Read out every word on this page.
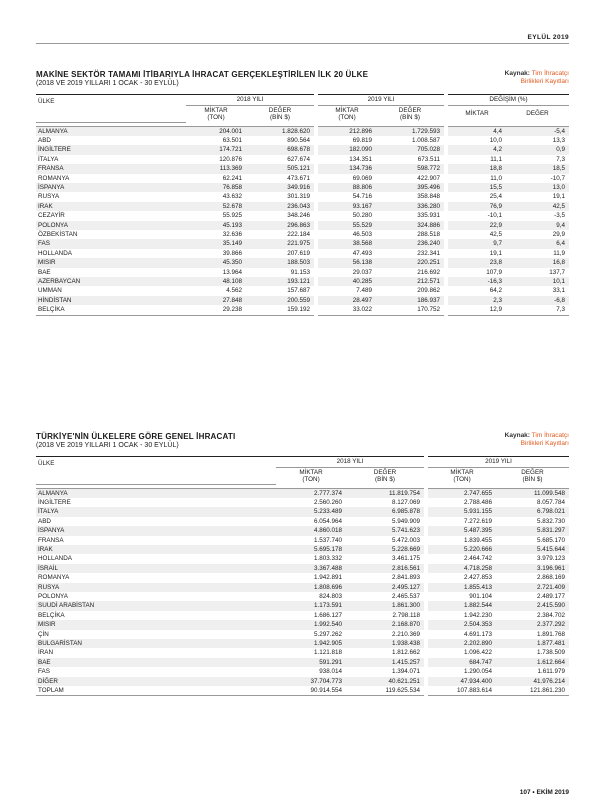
EYLÜL 2019
MAKİNE SEKTÖR TAMAMI İTİBARIYLA İHRACAT GERÇEKLEŞTİRİLEN İLK 20 ÜLKE
(2018 VE 2019 YILLARI 1 OCAK - 30 EYLÜL)
Kaynak: Tim İhracatçı
Birlikleri Kayıtları
ÜLKE	2018 YILI		2019 YILI		DEĞİŞİM (%)	
	MİKTAR
(TON)	DEĞER
(BİN $)	MİKTAR
(TON)	DEĞER
(BİN $)	MİKTAR	DEĞER

ALMANYA	204.001	1.828.620	212.896	1.729.593	4,4	-5,4
ABD	63.501	890.564	69.819	1.008.587	10,0	13,3
İNGİLTERE	174.721	698.678	182.090	705.028	4,2	0,9
İTALYA	120.876	627.674	134.351	673.511	11,1	7,3
FRANSA	113.369	505.121	134.736	598.772	18,8	18,5
ROMANYA	62.241	473.671	69.069	422.907	11,0	-10,7
İSPANYA	76.858	349.916	88.806	395.496	15,5	13,0
RUSYA	43.632	301.319	54.716	358.848	25,4	19,1
IRAK	52.678	236.043	93.167	336.280	76,9	42,5
CEZAYİR	55.925	348.246	50.280	335.931	-10,1	-3,5
POLONYA	45.193	296.863	55.529	324.886	22,9	9,4
ÖZBEKİSTAN	32.636	222.184	46.503	288.518	42,5	29,9
FAS	35.149	221.975	38.568	236.240	9,7	6,4
HOLLANDA	39.866	207.619	47.493	232.341	19,1	11,9
MISIR	45.350	188.503	56.138	220.251	23,8	16,8
BAE	13.964	91.153	29.037	216.692	107,9	137,7
AZERBAYCAN	48.108	193.121	40.285	212.571	-16,3	10,1
UMMAN	4.562	157.687	7.489	209.862	64,2	33,1
HİNDİSTAN	27.848	200.559	28.497	186.937	2,3	-6,8
BELÇİKA	29.238	159.192	33.022	170.752	12,9	7,3
TÜRKİYE'NİN ÜLKELERE GÖRE GENEL İHRACATI
(2018 VE 2019 YILLARI 1 OCAK - 30 EYLÜL)
Kaynak: Tim İhracatçı
Birlikleri Kayıtları
ÜLKE	2018 YILI		2019 YILI	
	MİKTAR
(TON)	DEĞER
(BİN $)	MİKTAR
(TON)	DEĞER
(BİN $)

ALMANYA	2.777.374	11.819.754	2.747.655	11.099.548
İNGİLTERE	2.560.260	8.127.069	2.788.486	8.057.784
İTALYA	5.233.489	6.985.878	5.931.155	6.798.021
ABD	6.054.964	5.949.909	7.272.619	5.832.730
İSPANYA	4.860.018	5.741.623	5.487.395	5.831.297
FRANSA	1.537.740	5.472.003	1.839.455	5.685.170
IRAK	5.695.178	5.228.669	5.220.666	5.415.644
HOLLANDA	1.803.332	3.461.175	2.464.742	3.979.123
İSRAİL	3.367.488	2.816.561	4.718.258	3.196.961
ROMANYA	1.942.891	2.841.893	2.427.853	2.868.169
RUSYA	1.808.696	2.495.127	1.855.413	2.721.409
POLONYA	824.803	2.465.537	901.104	2.489.177
SUUDİ ARABİSTAN	1.173.591	1.861.300	1.882.544	2.415.590
BELÇİKA	1.686.127	2.798.118	1.942.230	2.384.702
MISIR	1.992.540	2.168.870	2.504.353	2.377.292
ÇİN	5.297.262	2.210.369	4.691.173	1.891.768
BULGARİSTAN	1.942.905	1.938.438	2.202.890	1.877.481
İRAN	1.121.818	1.812.662	1.096.422	1.738.509
BAE	591.291	1.415.257	684.747	1.612.664
FAS	938.014	1.394.071	1.290.054	1.611.979
DİĞER	37.704.773	40.621.251	47.934.400	41.976.214
TOPLAM	90.914.554	119.625.534	107.883.614	121.861.230
107 • EKİM 2019
